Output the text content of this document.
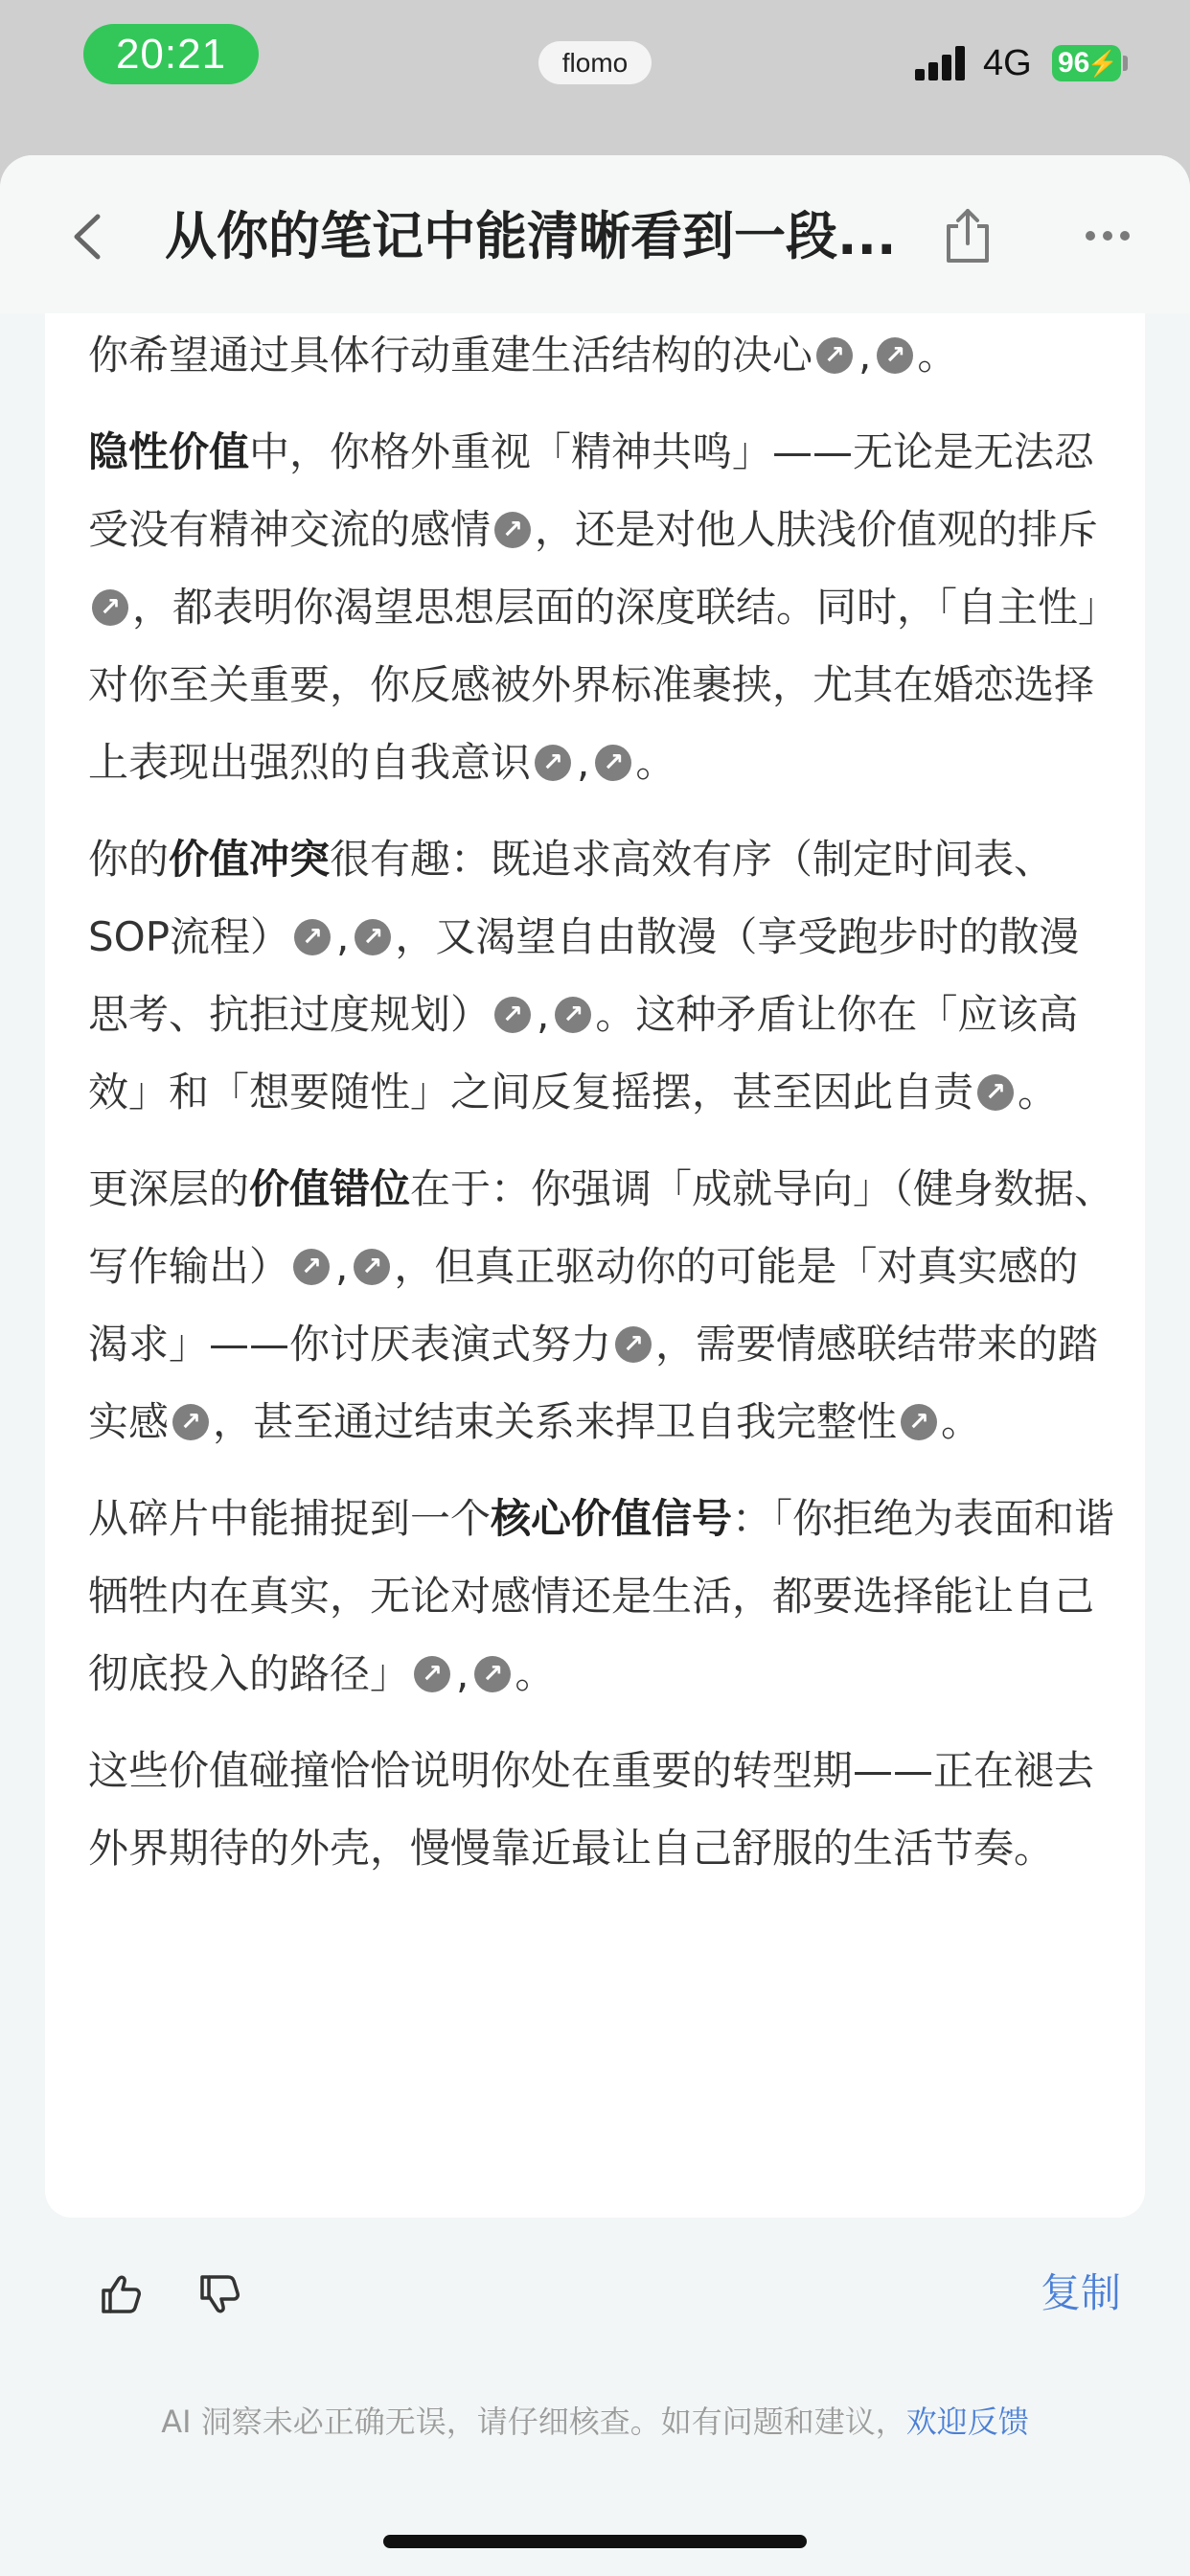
20:21	flomo	4G 96
⚡

你希望通过具体行动重建生活结构的决心 ↗ , ↗ 。

隐性价值中，你格外重视「精神共鸣」——无论是无法忍受没有精神交流的感情 ↗ ，还是对他人肤浅价值观的排斥↗，都表明你渴望思想层面的深度联结。同时，「自主性」对你至关重要，你反感被外界标准裹挟，尤其在婚恋选择上表现出强烈的自我意识 ↗ , ↗ 。

你的价值冲突很有趣：既追求高效有序（制定时间表、SOP流程） ↗ , ↗ ，又渴望自由散漫（享受跑步时的散漫思考、抗拒过度规划） ↗ , ↗ 。这种矛盾让你在「应该高效」和「想要随性」之间反复摇摆，甚至因此自责↗ 。

更深层的价值错位在于：你强调「成就导向」（健身数据、写作输出） ↗ , ↗ ，但真正驱动你的可能是「对真实感的渴求」——你讨厌表演式努力 ↗ ，需要情感联结带来的踏实感 ↗ ，甚至通过结束关系来捍卫自我完整性 ↗ 。

从碎片中能捕捉到一个核心价值信号：「你拒绝为表面和谐牺牲内在真实，无论对感情还是生活，都要选择能让自己彻底投入的路径」 ↗ , ↗ 。

这些价值碰撞恰恰说明你处在重要的转型期——正在褪去外界期待的外壳，慢慢靠近最让自己舒服的生活节奏。

从你的笔记中能清晰看到一段...
复制
AI 洞察未必正确无误，请仔细核查。如有问题和建议，欢迎反馈
